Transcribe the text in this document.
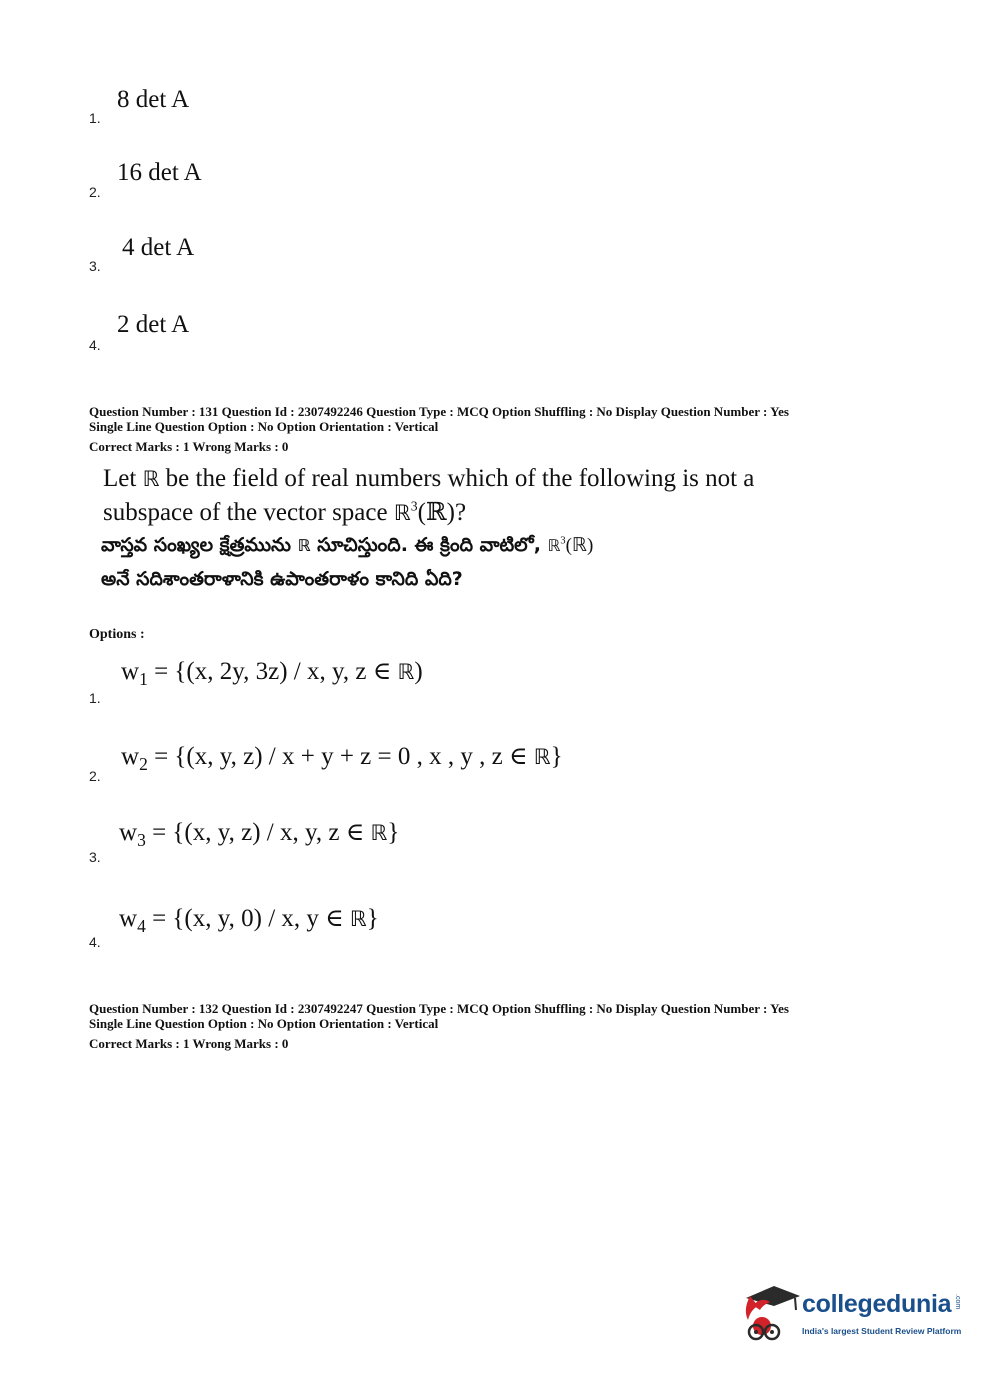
8 det A
1.
16 det A
2.
4 det A
3.
2 det A
4.
Question Number : 131 Question Id : 2307492246 Question Type : MCQ Option Shuffling : No Display Question Number : Yes
Single Line Question Option : No Option Orientation : Vertical
Correct Marks : 1 Wrong Marks : 0
Let ℝ be the field of real numbers which of the following is not a
subspace of the vector space ℝ$^3$(ℝ)?
వాస్తవ సంఖ్యల క్షేత్రమును ℝ సూచిస్తుంది. ఈ క్రింది వాటిలో, ℝ$^3$(ℝ)
అనే సదిశాంతరాళానికి ఉపాంతరాళం కానిది ఏది?
Options :
$w_1 = \{(x$, 2y, 3z) / x, y, z ∈ ℝ)
1.
$w_2 = \{(x$, y, z) / x + y + z = 0 , x , y , z ∈ ℝ}
2.
$w_3 = \{(x$, y, z) / x, y, z ∈ ℝ}
3.
$w_4 = \{(x$, y, 0) / x, y ∈ ℝ}
4.
Question Number : 132 Question Id : 2307492247 Question Type : MCQ Option Shuffling : No Display Question Number : Yes
Single Line Question Option : No Option Orientation : Vertical
Correct Marks : 1 Wrong Marks : 0
collegedunia .com
India's largest Student Review Platform
